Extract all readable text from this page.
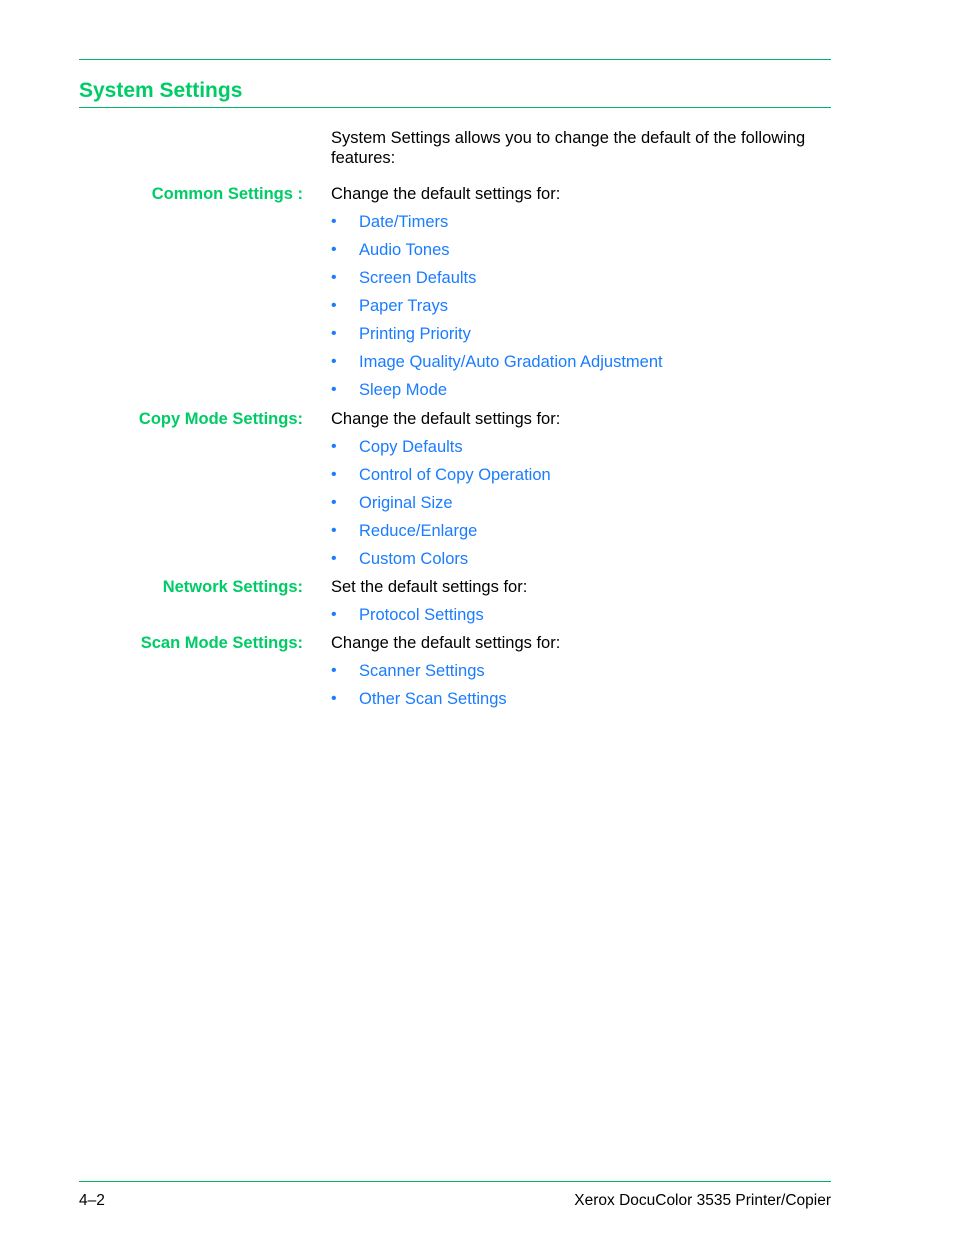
System Settings
System Settings allows you to change the default of the following features:
Common Settings : Change the default settings for:
• Date/Timers
• Audio Tones
• Screen Defaults
• Paper Trays
• Printing Priority
• Image Quality/Auto Gradation Adjustment
• Sleep Mode
Copy Mode Settings: Change the default settings for:
• Copy Defaults
• Control of Copy Operation
• Original Size
• Reduce/Enlarge
• Custom Colors
Network Settings: Set the default settings for:
• Protocol Settings
Scan Mode Settings: Change the default settings for:
• Scanner Settings
• Other Scan Settings
4–2	Xerox DocuColor 3535 Printer/Copier
